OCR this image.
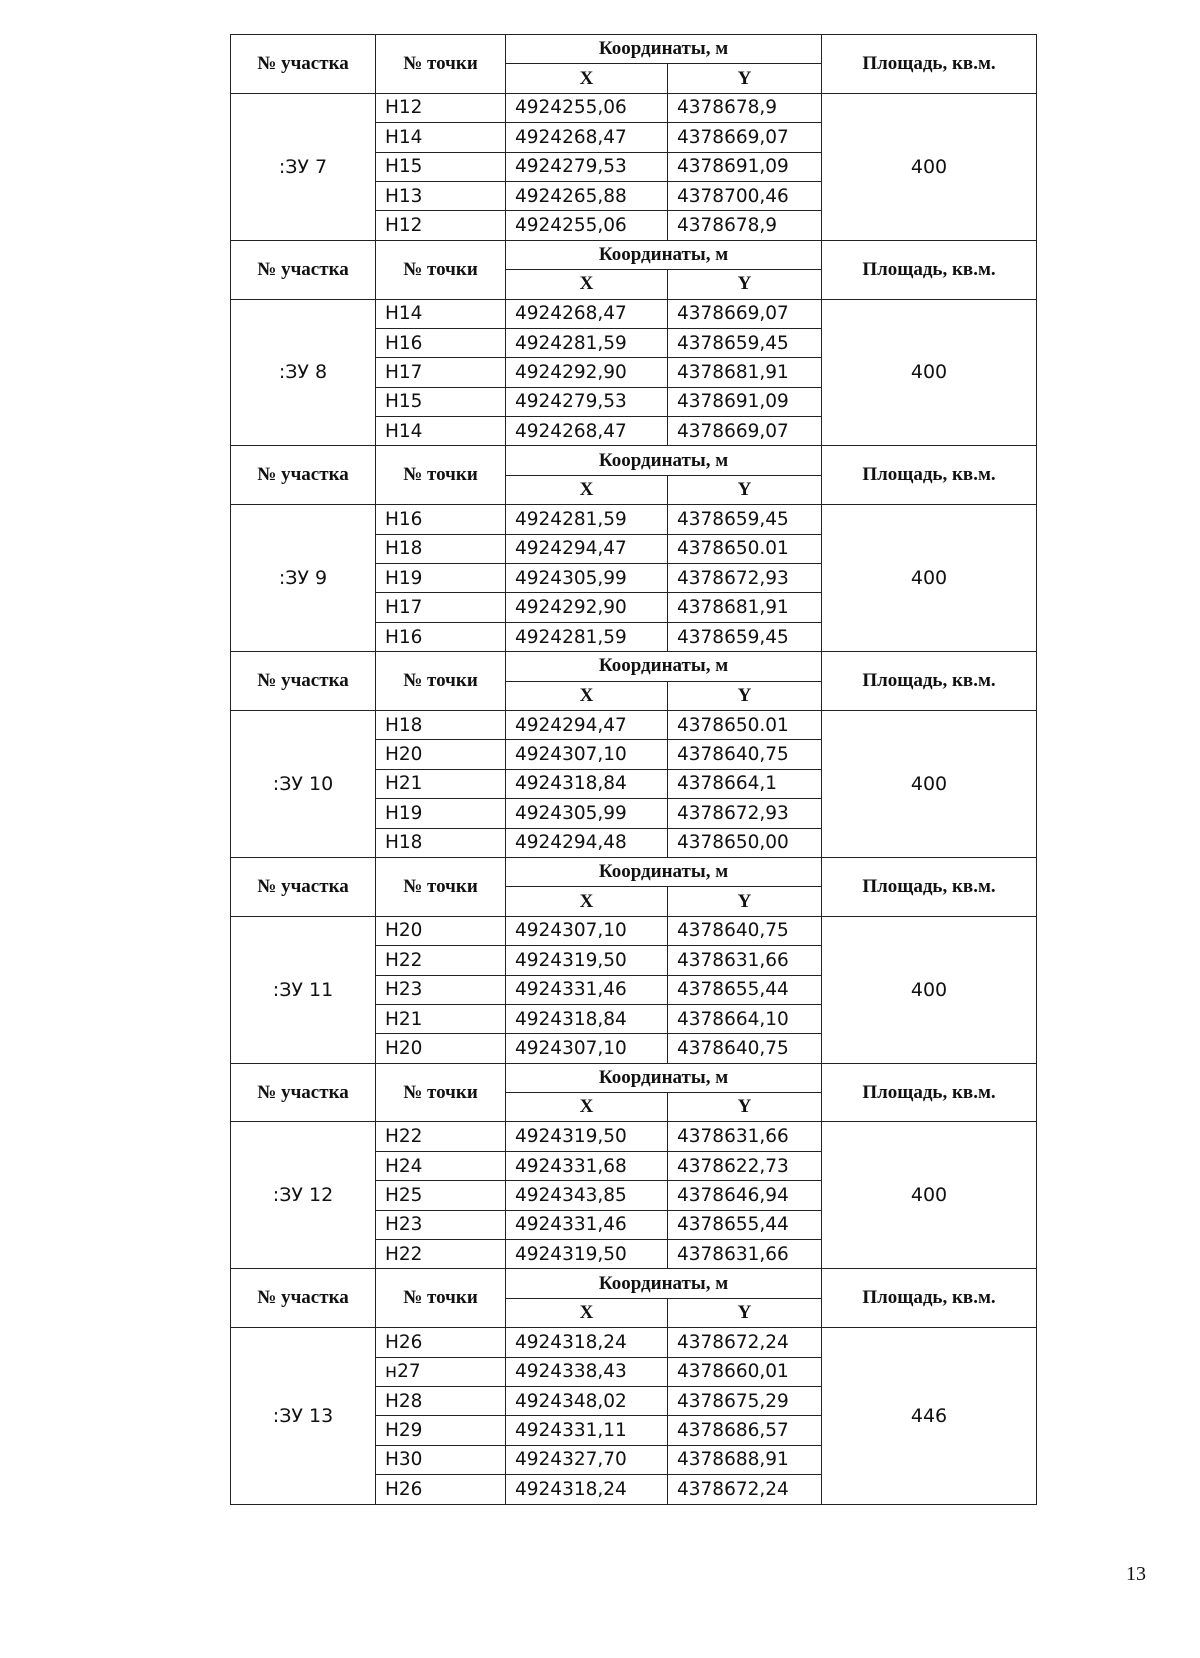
№ участка	№ точки	Координаты, м		Площадь, кв.м.
		X	Y	
:ЗУ 7	Н12	4924255,06	4378678,9	400
	Н14	4924268,47	4378669,07	
	Н15	4924279,53	4378691,09	
	Н13	4924265,88	4378700,46	
	Н12	4924255,06	4378678,9	
№ участка	№ точки	Координаты, м		Площадь, кв.м.
		X	Y	
:ЗУ 8	Н14	4924268,47	4378669,07	400
	Н16	4924281,59	4378659,45	
	Н17	4924292,90	4378681,91	
	Н15	4924279,53	4378691,09	
	Н14	4924268,47	4378669,07	
№ участка	№ точки	Координаты, м		Площадь, кв.м.
		X	Y	
:ЗУ 9	Н16	4924281,59	4378659,45	400
	Н18	4924294,47	4378650.01	
	Н19	4924305,99	4378672,93	
	Н17	4924292,90	4378681,91	
	Н16	4924281,59	4378659,45	
№ участка	№ точки	Координаты, м		Площадь, кв.м.
		X	Y	
:ЗУ 10	Н18	4924294,47	4378650.01	400
	Н20	4924307,10	4378640,75	
	Н21	4924318,84	4378664,1	
	Н19	4924305,99	4378672,93	
	Н18	4924294,48	4378650,00	
№ участка	№ точки	Координаты, м		Площадь, кв.м.
		X	Y	
:ЗУ 11	Н20	4924307,10	4378640,75	400
	Н22	4924319,50	4378631,66	
	Н23	4924331,46	4378655,44	
	Н21	4924318,84	4378664,10	
	Н20	4924307,10	4378640,75	
№ участка	№ точки	Координаты, м		Площадь, кв.м.
		X	Y	
:ЗУ 12	Н22	4924319,50	4378631,66	400
	Н24	4924331,68	4378622,73	
	Н25	4924343,85	4378646,94	
	Н23	4924331,46	4378655,44	
	Н22	4924319,50	4378631,66	
№ участка	№ точки	Координаты, м		Площадь, кв.м.
		X	Y	
:ЗУ 13	Н26	4924318,24	4378672,24	446
	н27	4924338,43	4378660,01	
	Н28	4924348,02	4378675,29	
	Н29	4924331,11	4378686,57	
	Н30	4924327,70	4378688,91	
	Н26	4924318,24	4378672,24	
13
